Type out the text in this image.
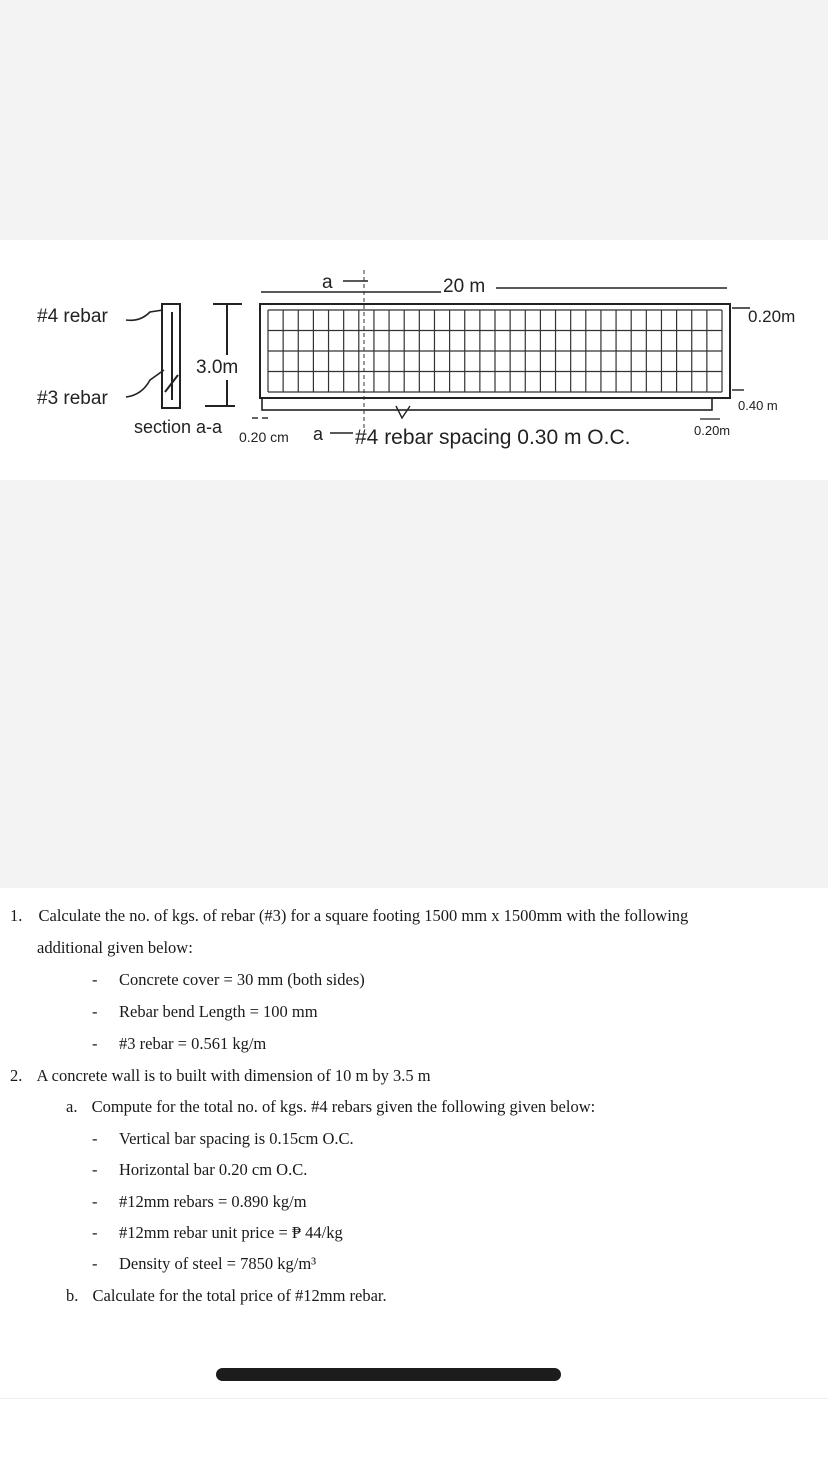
#4 rebar
#3 rebar
3.0m
section a-a 0.20 cm a #4 rebar spacing 0.30 m O.C.
a	20 m
0.20m
0.40 m
0.20m
1. Calculate the no. of kgs. of rebar (#3) for a square footing 1500 mm x 1500mm with the following
additional given below:
- Concrete cover = 30 mm (both sides)
- Rebar bend Length = 100 mm
- #3 rebar = 0.561 kg/m
2. A concrete wall is to built with dimension of 10 m by 3.5 m
a. Compute for the total no. of kgs. #4 rebars given the following given below:
- Vertical bar spacing is 0.15cm O.C.
- Horizontal bar 0.20 cm O.C.
- #12mm rebars = 0.890 kg/m
- #12mm rebar unit price = ₱ 44/kg
- Density of steel = 7850 kg/m³
b. Calculate for the total price of #12mm rebar.
